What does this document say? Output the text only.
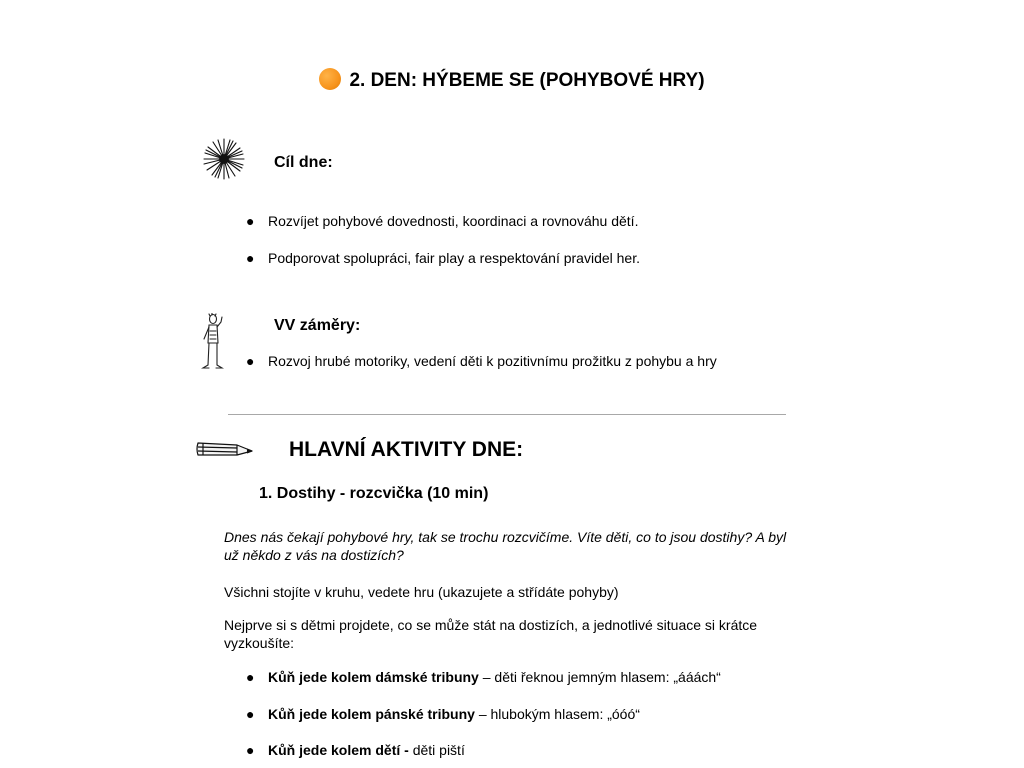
2. DEN: HÝBEME SE (POHYBOVÉ HRY)
Cíl dne:
● Rozvíjet pohybové dovednosti, koordinaci a rovnováhu dětí.
● Podporovat spolupráci, fair play a respektování pravidel her.
VV záměry:
● Rozvoj hrubé motoriky, vedení děti k pozitivnímu prožitku z pohybu a hry
HLAVNÍ AKTIVITY DNE:
1. Dostihy - rozcvička (10 min)
Dnes nás čekají pohybové hry, tak se trochu rozcvičíme. Víte děti, co to jsou dostihy? A byl
už někdo z vás na dostizích?
Všichni stojíte v kruhu, vedete hru (ukazujete a střídáte pohyby)
Nejprve si s dětmi projdete, co se může stát na dostizích, a jednotlivé situace si krátce
vyzkoušíte:
● Kůň jede kolem dámské tribuny – děti řeknou jemným hlasem: „ááách“
● Kůň jede kolem pánské tribuny – hlubokým hlasem: „óóó“
● Kůň jede kolem dětí - děti piští
